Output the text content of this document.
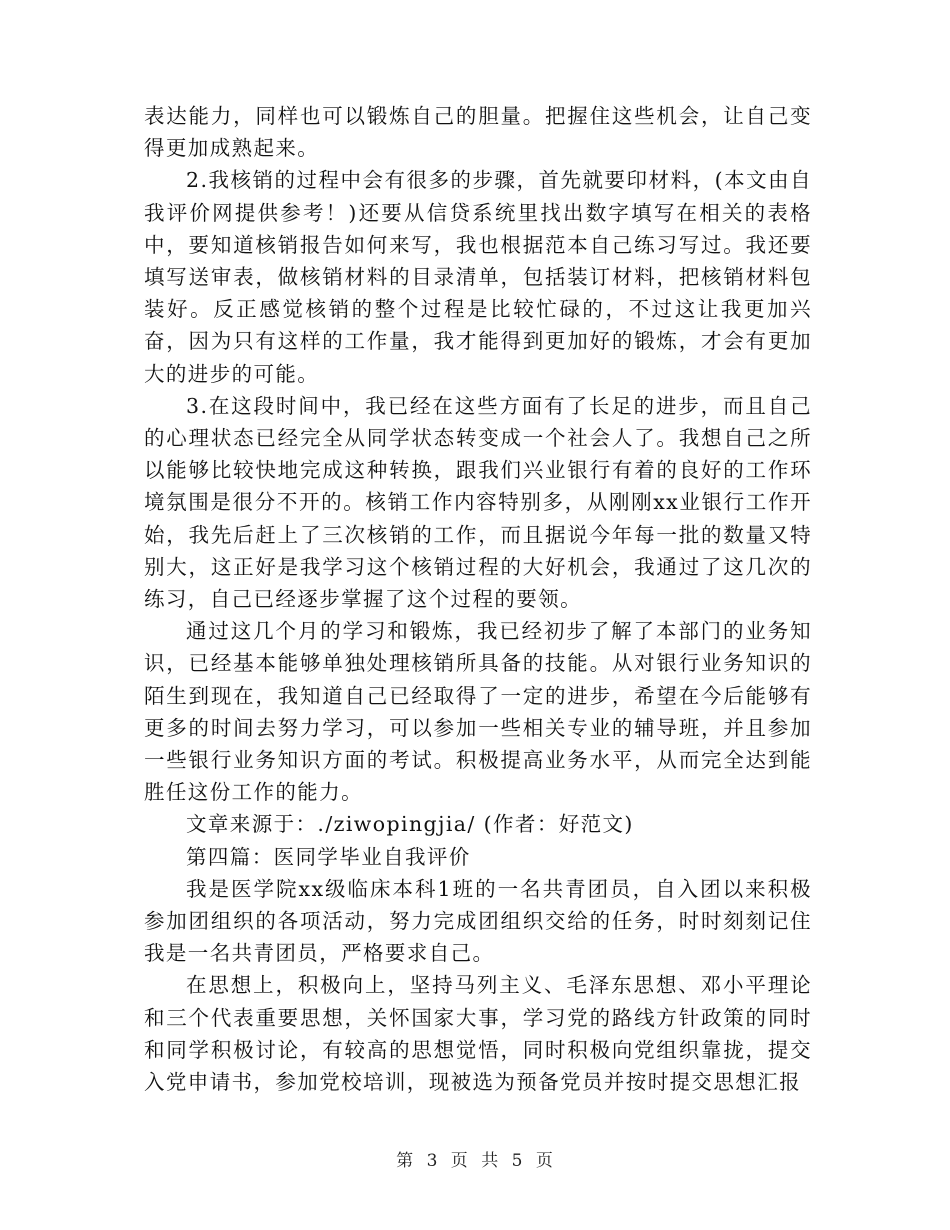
表达能力，同样也可以锻炼自己的胆量。把握住这些机会，让自己变得更加成熟起来。

2.我核销的过程中会有很多的步骤，首先就要印材料，(本文由自我评价网提供参考！)还要从信贷系统里找出数字填写在相关的表格中，要知道核销报告如何来写，我也根据范本自己练习写过。我还要填写送审表，做核销材料的目录清单，包括装订材料，把核销材料包装好。反正感觉核销的整个过程是比较忙碌的，不过这让我更加兴奋，因为只有这样的工作量，我才能得到更加好的锻炼，才会有更加大的进步的可能。

3.在这段时间中，我已经在这些方面有了长足的进步，而且自己的心理状态已经完全从同学状态转变成一个社会人了。我想自己之所以能够比较快地完成这种转换，跟我们兴业银行有着的良好的工作环境氛围是很分不开的。核销工作内容特别多，从刚刚xx业银行工作开始，我先后赶上了三次核销的工作，而且据说今年每一批的数量又特别大，这正好是我学习这个核销过程的大好机会，我通过了这几次的练习，自己已经逐步掌握了这个过程的要领。

通过这几个月的学习和锻炼，我已经初步了解了本部门的业务知识，已经基本能够单独处理核销所具备的技能。从对银行业务知识的陌生到现在，我知道自己已经取得了一定的进步，希望在今后能够有更多的时间去努力学习，可以参加一些相关专业的辅导班，并且参加一些银行业务知识方面的考试。积极提高业务水平，从而完全达到能胜任这份工作的能力。

文章来源于：./ziwopingjia/ (作者：好范文)

第四篇：医同学毕业自我评价

我是医学院xx级临床本科1班的一名共青团员，自入团以来积极参加团组织的各项活动，努力完成团组织交给的任务，时时刻刻记住我是一名共青团员，严格要求自己。

在思想上，积极向上，坚持马列主义、毛泽东思想、邓小平理论和三个代表重要思想，关怀国家大事，学习党的路线方针政策的同时和同学积极讨论，有较高的思想觉悟，同时积极向党组织靠拢，提交入党申请书，参加党校培训，现被选为预备党员并按时提交思想汇报

第 3 页 共 5 页
